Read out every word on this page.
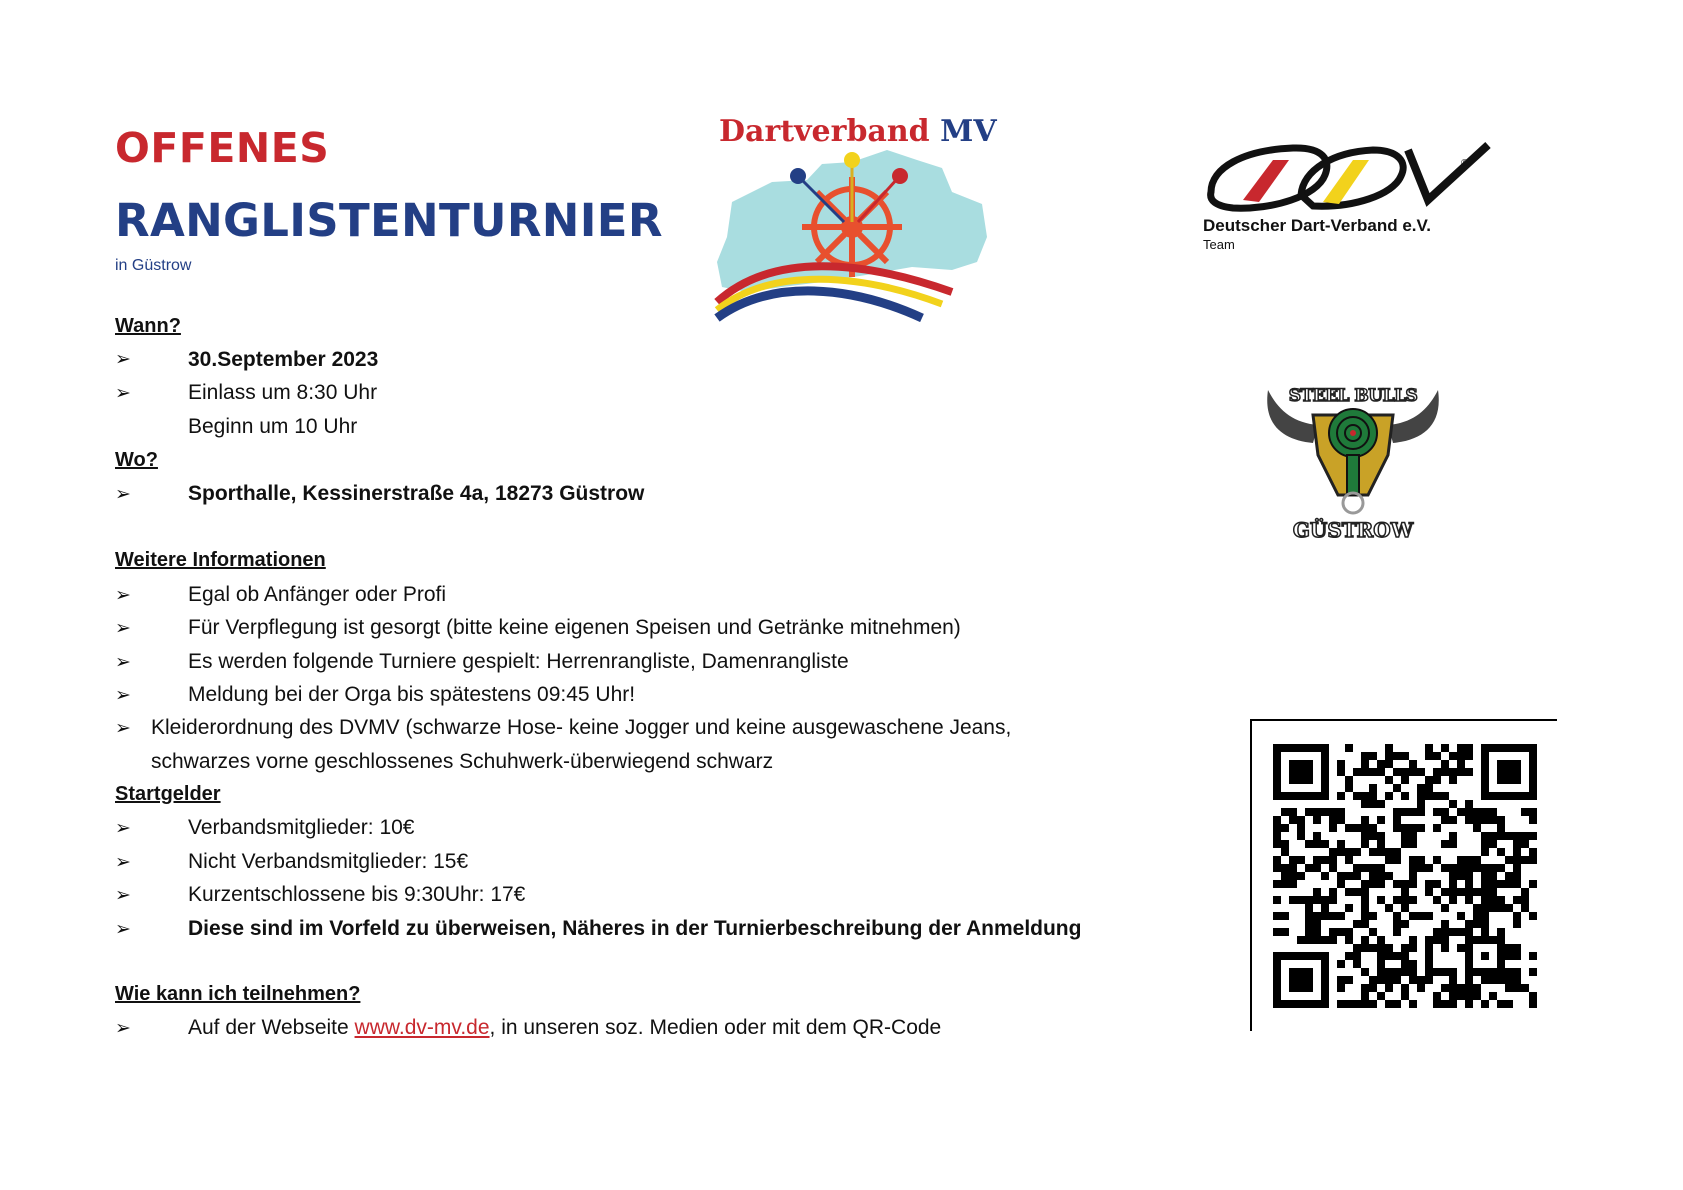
OFFENES
RANGLISTENTURNIER
in Güstrow
Dartverband MV
®
Deutscher Dart-Verband e.V.
Team
STEEL BULLS
GÜSTROW
Wann?
➢	30.September 2023
➢	Einlass um 8:30 Uhr
Beginn um 10 Uhr
Wo?
➢	Sporthalle, Kessinerstraße 4a, 18273 Güstrow
Weitere Informationen
➢	Egal ob Anfänger oder Profi
➢	Für Verpflegung ist gesorgt (bitte keine eigenen Speisen und Getränke mitnehmen)
➢	Es werden folgende Turniere gespielt: Herrenrangliste, Damenrangliste
➢	Meldung bei der Orga bis spätestens 09:45 Uhr!
➢ Kleiderordnung des DVMV (schwarze Hose- keine Jogger und keine ausgewaschene Jeans,
schwarzes vorne geschlossenes Schuhwerk-überwiegend schwarz
Startgelder
➢	Verbandsmitglieder: 10€
➢	Nicht Verbandsmitglieder: 15€
➢	Kurzentschlossene bis 9:30Uhr: 17€
➢	Diese sind im Vorfeld zu überweisen, Näheres in der Turnierbeschreibung der Anmeldung
Wie kann ich teilnehmen?
➢	Auf der Webseite www.dv-mv.de, in unseren soz. Medien oder mit dem QR-Code
